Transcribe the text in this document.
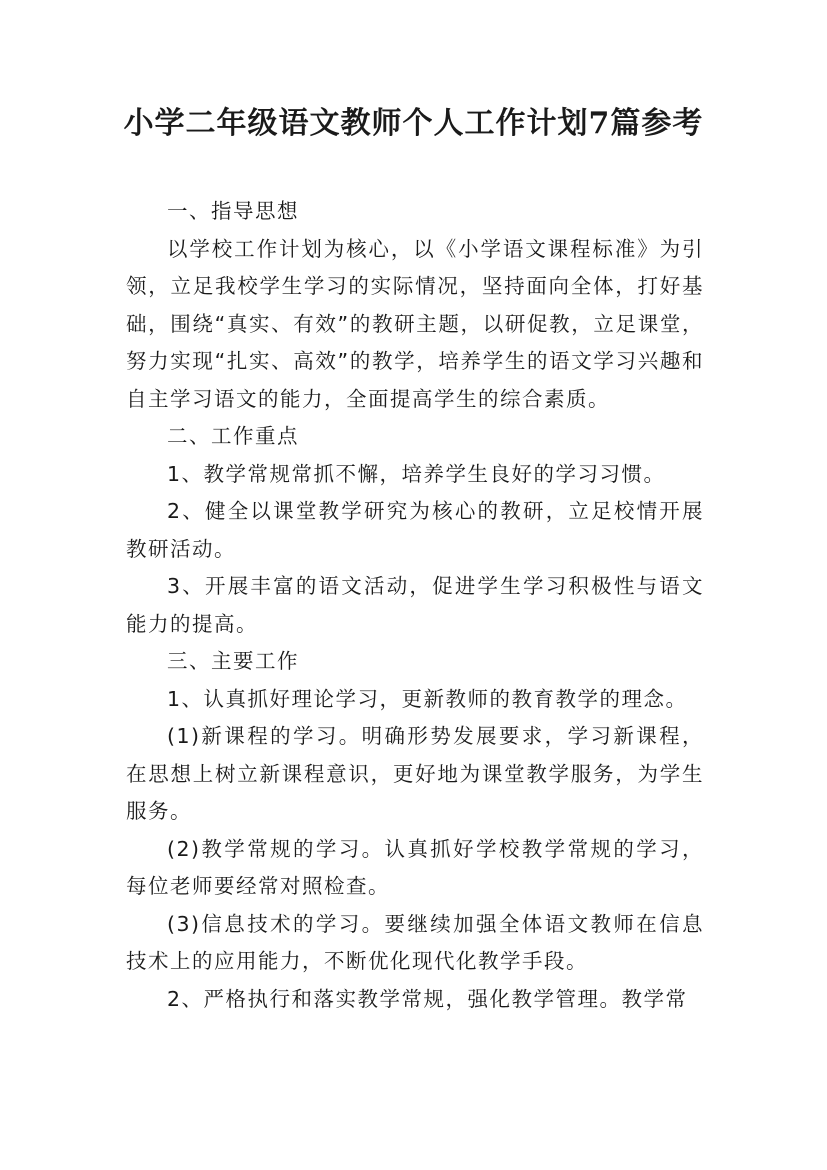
小学二年级语文教师个人工作计划7篇参考

一、指导思想

以学校工作计划为核心，以《小学语文课程标准》为引领，立足我校学生学习的实际情况，坚持面向全体，打好基础，围绕“真实、有效”的教研主题，以研促教，立足课堂，努力实现“扎实、高效”的教学，培养学生的语文学习兴趣和自主学习语文的能力，全面提高学生的综合素质。

二、工作重点

1、教学常规常抓不懈，培养学生良好的学习习惯。

2、健全以课堂教学研究为核心的教研，立足校情开展教研活动。

3、开展丰富的语文活动，促进学生学习积极性与语文能力的提高。

三、主要工作

1、认真抓好理论学习，更新教师的教育教学的理念。

(1)新课程的学习。明确形势发展要求，学习新课程，在思想上树立新课程意识，更好地为课堂教学服务，为学生服务。

(2)教学常规的学习。认真抓好学校教学常规的学习，每位老师要经常对照检查。

(3)信息技术的学习。要继续加强全体语文教师在信息技术上的应用能力，不断优化现代化教学手段。

2、严格执行和落实教学常规，强化教学管理。教学常
